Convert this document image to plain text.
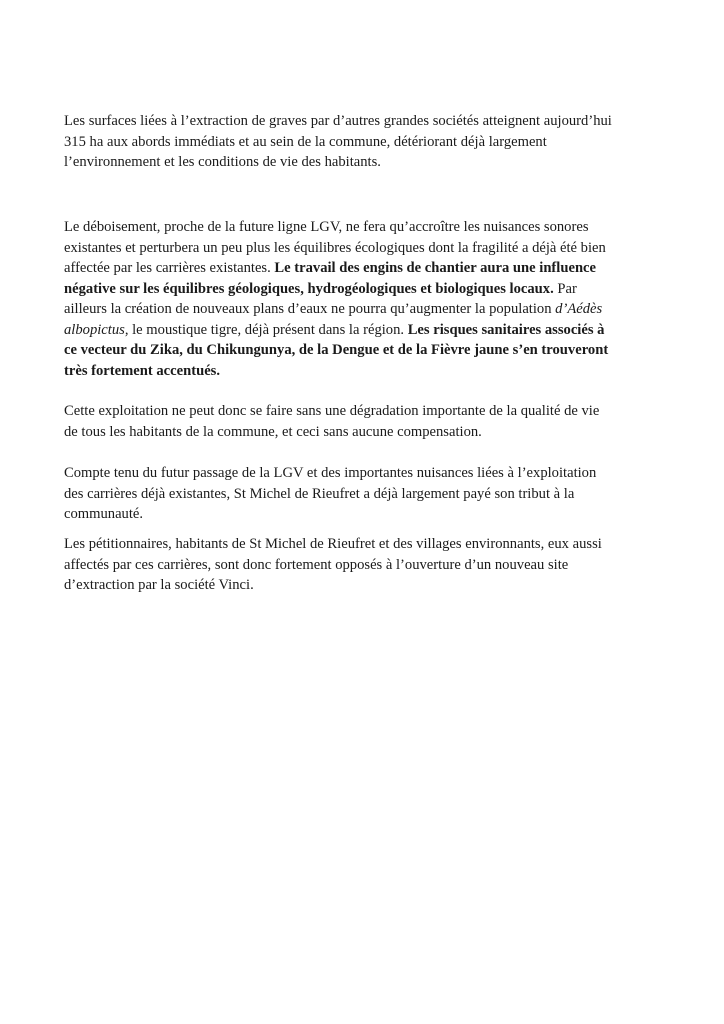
Les surfaces liées à l’extraction de graves par d’autres grandes sociétés atteignent aujourd’hui
315 ha aux abords immédiats et au sein de la commune, détériorant déjà largement
l’environnement et les conditions de vie des habitants.

Le déboisement, proche de la future ligne LGV, ne fera qu’accroître les nuisances sonores
existantes et perturbera un peu plus les équilibres écologiques dont la fragilité a déjà été bien
affectée par les carrières existantes. Le travail des engins de chantier aura une influence
négative sur les équilibres géologiques, hydrogéologiques et biologiques locaux. Par
ailleurs la création de nouveaux plans d’eaux ne pourra qu’augmenter la population d’Aédès
albopictus, le moustique tigre, déjà présent dans la région. Les risques sanitaires associés à
ce vecteur du Zika, du Chikungunya, de la Dengue et de la Fièvre jaune s’en trouveront
très fortement accentués.

Cette exploitation ne peut donc se faire sans une dégradation importante de la qualité de vie
de tous les habitants de la commune, et ceci sans aucune compensation.

Compte tenu du futur passage de la LGV et des importantes nuisances liées à l’exploitation
des carrières déjà existantes, St Michel de Rieufret a déjà largement payé son tribut à la
communauté.

Les pétitionnaires, habitants de St Michel de Rieufret et des villages environnants, eux aussi
affectés par ces carrières, sont donc fortement opposés à l’ouverture d’un nouveau site
d’extraction par la société Vinci.
